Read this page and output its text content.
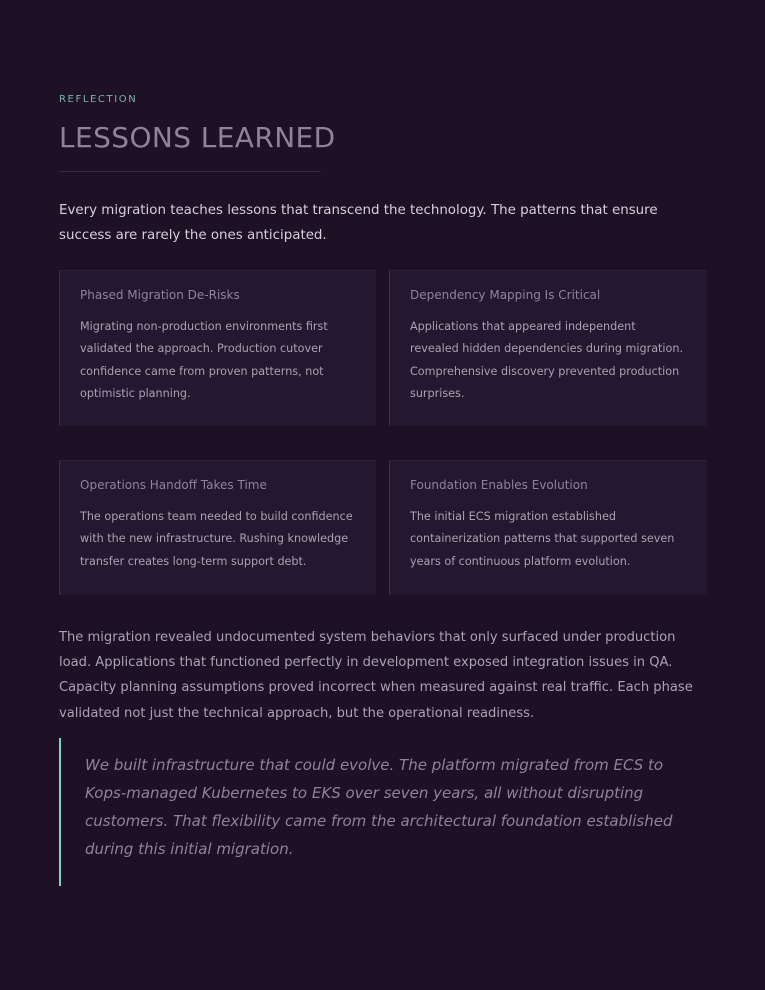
REFLECTION
LESSONS LEARNED

Every migration teaches lessons that transcend the technology. The patterns that ensure success are rarely the ones anticipated.

Phased Migration De-Risks
Migrating non-production environments first validated the approach. Production cutover confidence came from proven patterns, not optimistic planning.
Dependency Mapping Is Critical
Applications that appeared independent revealed hidden dependencies during migration. Comprehensive discovery prevented production surprises.
Operations Handoff Takes Time
The operations team needed to build confidence with the new infrastructure. Rushing knowledge transfer creates long-term support debt.
Foundation Enables Evolution
The initial ECS migration established containerization patterns that supported seven years of continuous platform evolution.

The migration revealed undocumented system behaviors that only surfaced under production load. Applications that functioned perfectly in development exposed integration issues in QA. Capacity planning assumptions proved incorrect when measured against real traffic. Each phase validated not just the technical approach, but the operational readiness.

We built infrastructure that could evolve. The platform migrated from ECS to Kops-managed Kubernetes to EKS over seven years, all without disrupting customers. That flexibility came from the architectural foundation established during this initial migration.
